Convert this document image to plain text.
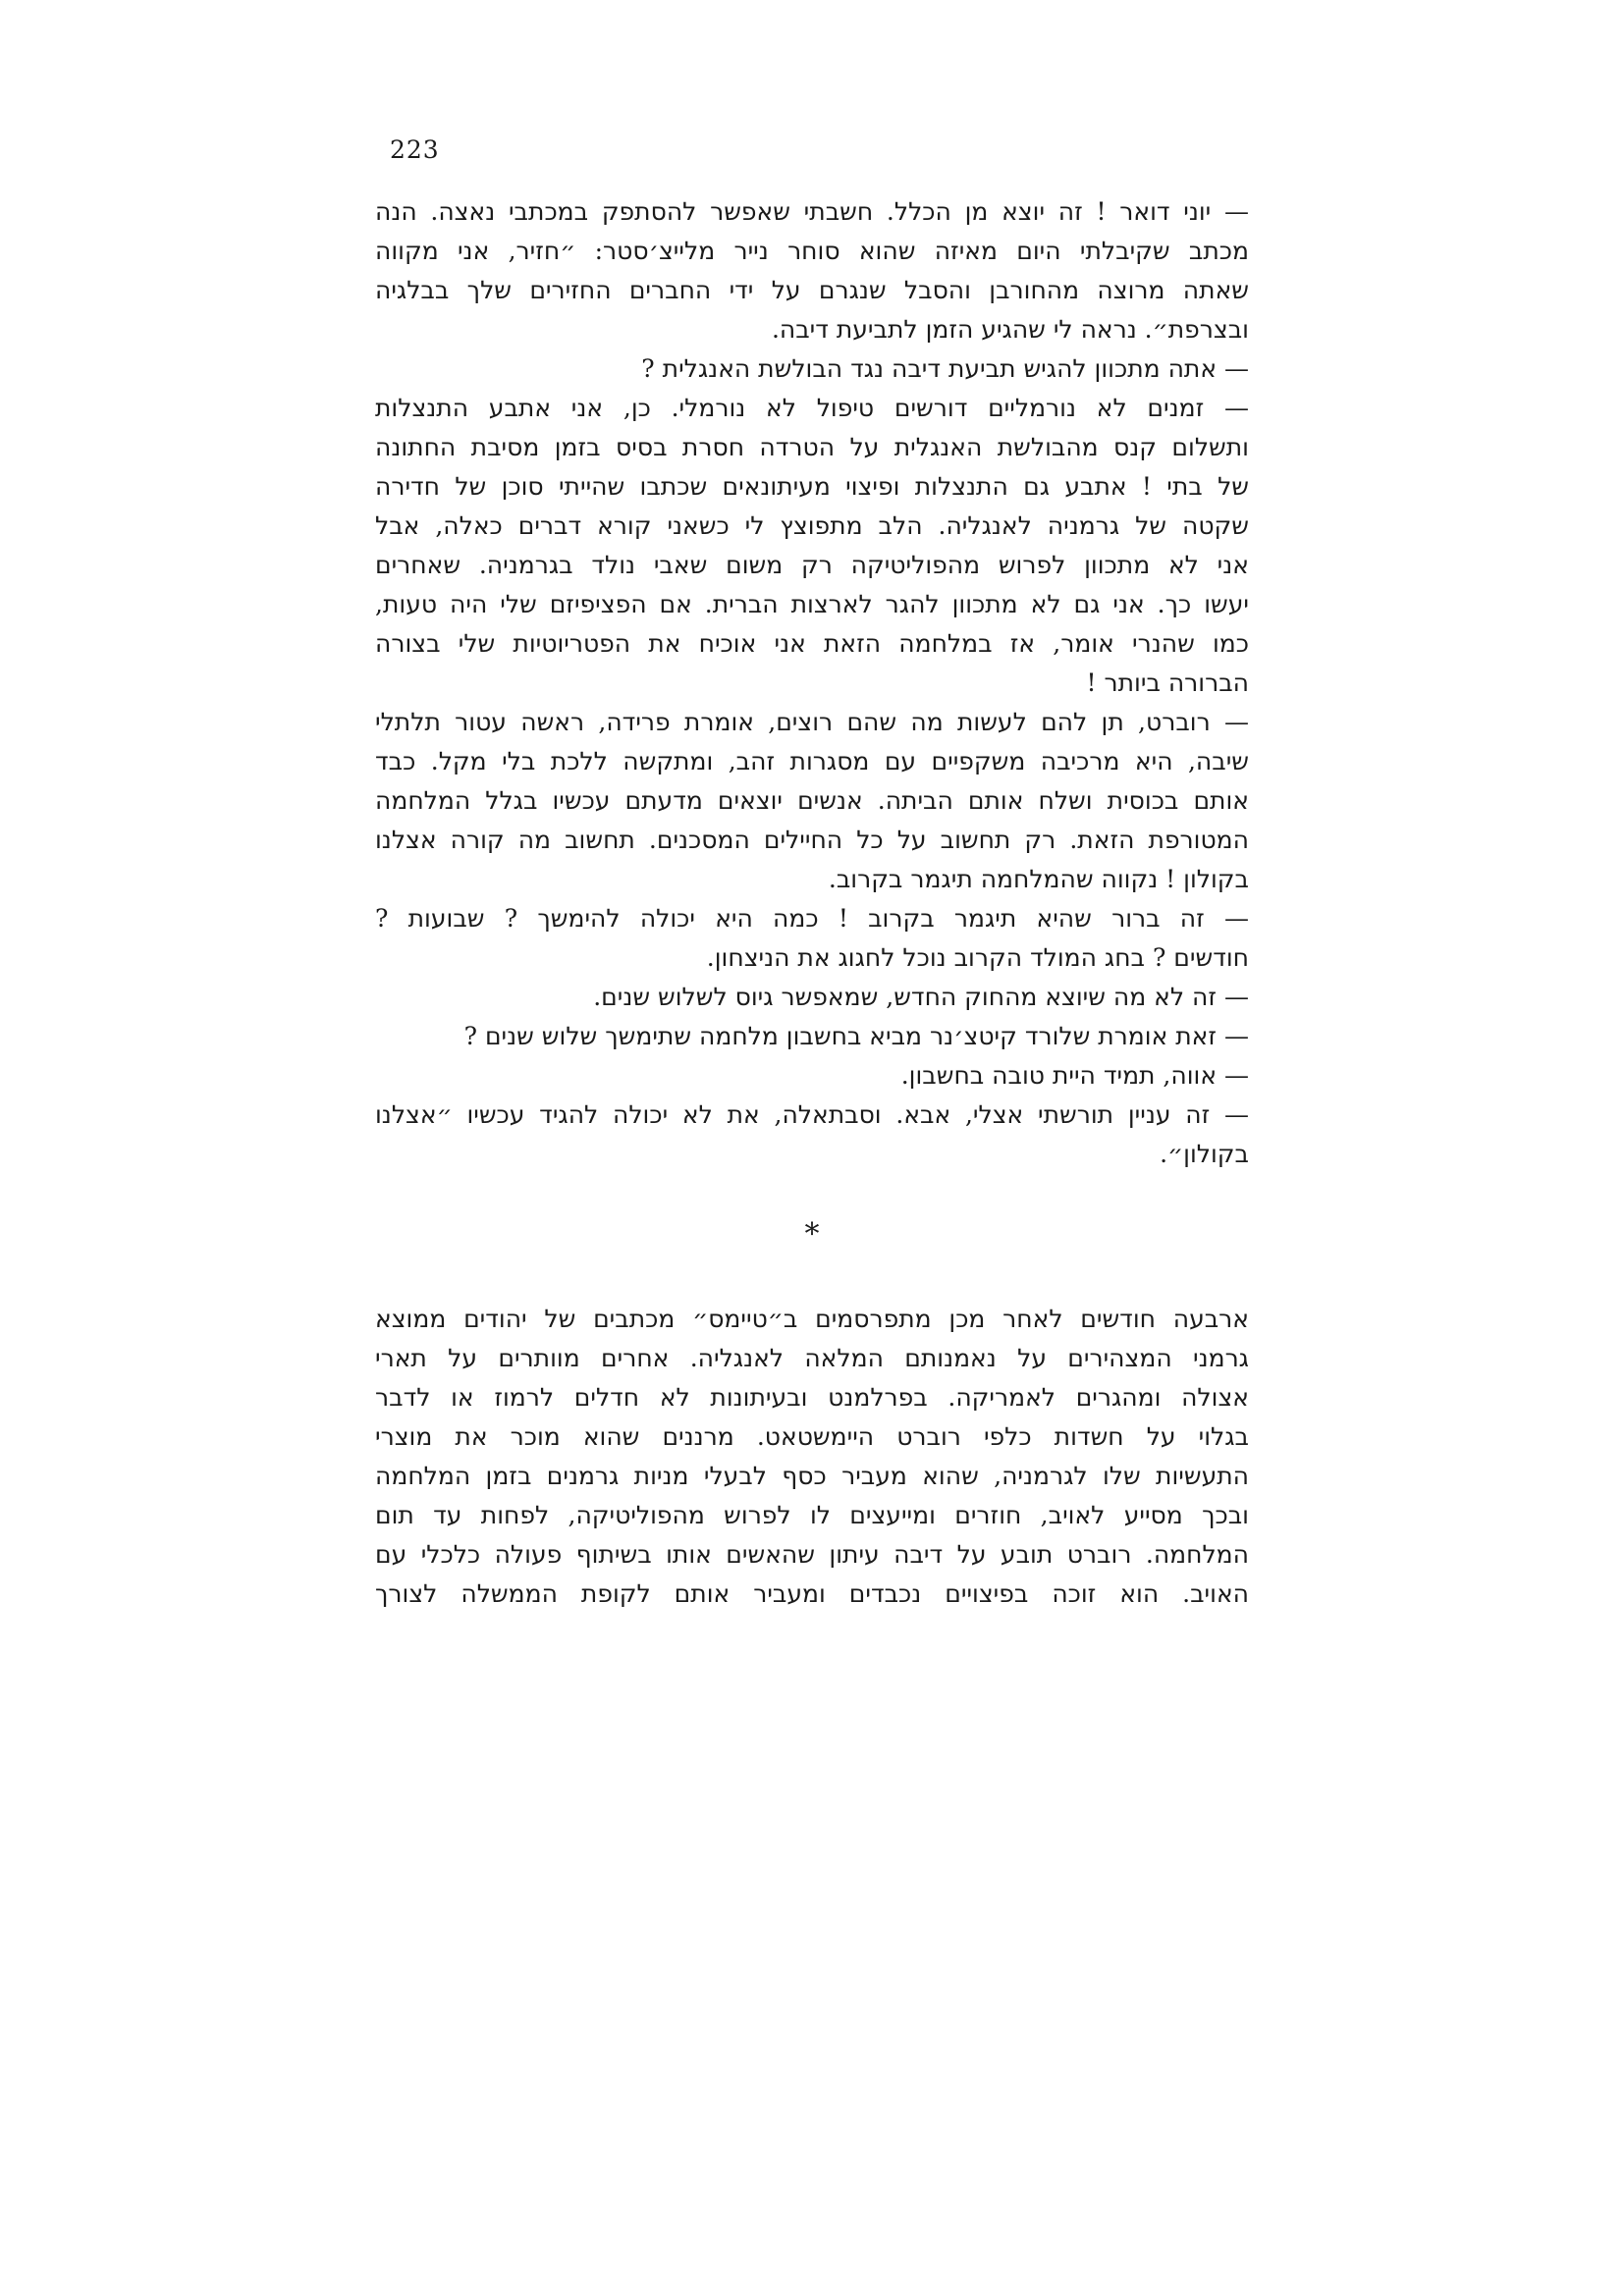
223
— יוני דואר ! זה יוצא מן הכלל. חשבתי שאפשר להסתפק במכתבי נאצה. הנה
מכתב שקיבלתי היום מאיזה שהוא סוחר נייר מלייצ׳סטר: ״חזיר, אני מקווה
שאתה מרוצה מהחורבן והסבל שנגרם על ידי החברים החזירים שלך בבלגיה
ובצרפת״. נראה לי שהגיע הזמן לתביעת דיבה.
— אתה מתכוון להגיש תביעת דיבה נגד הבולשת האנגלית ?
— זמנים לא נורמליים דורשים טיפול לא נורמלי. כן, אני אתבע התנצלות
ותשלום קנס מהבולשת האנגלית על הטרדה חסרת בסיס בזמן מסיבת החתונה
של בתי ! אתבע גם התנצלות ופיצוי מעיתונאים שכתבו שהייתי סוכן של חדירה
שקטה של גרמניה לאנגליה. הלב מתפוצץ לי כשאני קורא דברים כאלה, אבל
אני לא מתכוון לפרוש מהפוליטיקה רק משום שאבי נולד בגרמניה. שאחרים
יעשו כך. אני גם לא מתכוון להגר לארצות הברית. אם הפציפיזם שלי היה טעות,
כמו שהנרי אומר, אז במלחמה הזאת אני אוכיח את הפטריוטיות שלי בצורה
הברורה ביותר !
— רוברט, תן להם לעשות מה שהם רוצים, אומרת פרידה, ראשה עטור תלתלי
שיבה, היא מרכיבה משקפיים עם מסגרות זהב, ומתקשה ללכת בלי מקל. כבד
אותם בכוסית ושלח אותם הביתה. אנשים יוצאים מדעתם עכשיו בגלל המלחמה
המטורפת הזאת. רק תחשוב על כל החיילים המסכנים. תחשוב מה קורה אצלנו
בקולון ! נקווה שהמלחמה תיגמר בקרוב.
— זה ברור שהיא תיגמר בקרוב ! כמה היא יכולה להימשך ? שבועות ?
חודשים ? בחג המולד הקרוב נוכל לחגוג את הניצחון.
— זה לא מה שיוצא מהחוק החדש, שמאפשר גיוס לשלוש שנים.
— זאת אומרת שלורד קיטצ׳נר מביא בחשבון מלחמה שתימשך שלוש שנים ?
— אווה, תמיד היית טובה בחשבון.
— זה עניין תורשתי אצלי, אבא. וסבתאלה, את לא יכולה להגיד עכשיו ״אצלנו
בקולון״.
*
ארבעה חודשים לאחר מכן מתפרסמים ב״טיימס״ מכתבים של יהודים ממוצא
גרמני המצהירים על נאמנותם המלאה לאנגליה. אחרים מוותרים על תארי
אצולה ומהגרים לאמריקה. בפרלמנט ובעיתונות לא חדלים לרמוז או לדבר
בגלוי על חשדות כלפי רוברט היימשטאט. מרננים שהוא מוכר את מוצרי
התעשיות שלו לגרמניה, שהוא מעביר כסף לבעלי מניות גרמנים בזמן המלחמה
ובכך מסייע לאויב, חוזרים ומייעצים לו לפרוש מהפוליטיקה, לפחות עד תום
המלחמה. רוברט תובע על דיבה עיתון שהאשים אותו בשיתוף פעולה כלכלי עם
האויב. הוא זוכה בפיצויים נכבדים ומעביר אותם לקופת הממשלה לצורך
